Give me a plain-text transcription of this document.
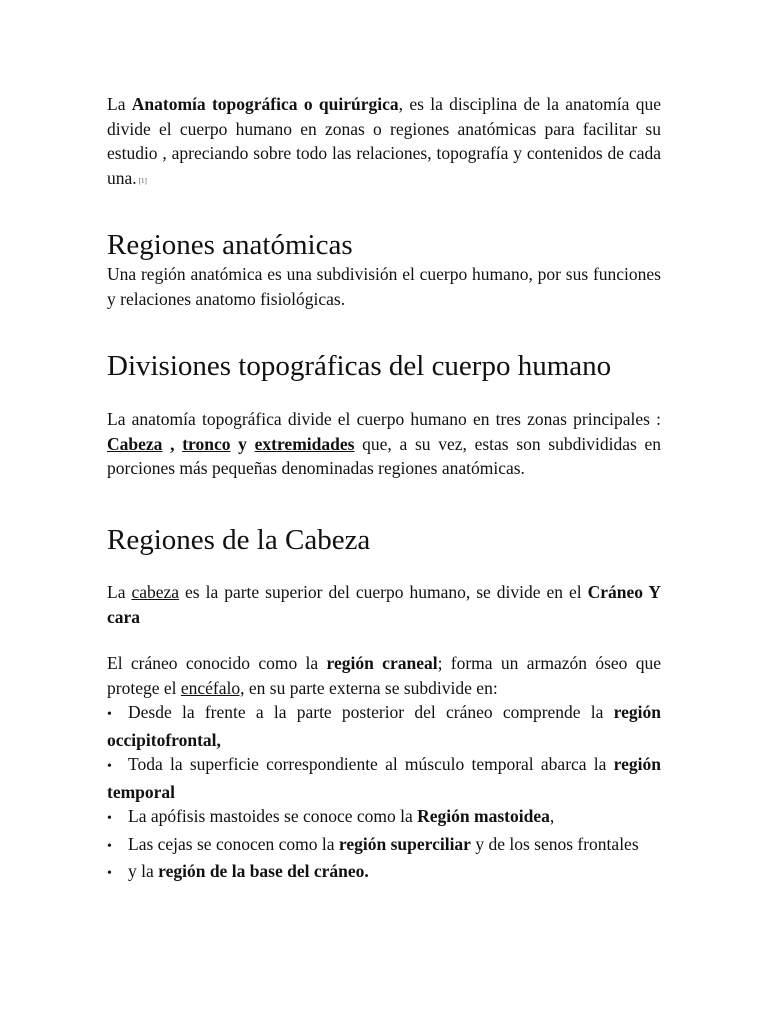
La Anatomía topográfica o quirúrgica, es la disciplina de la anatomía que divide el cuerpo humano en zonas o regiones anatómicas para facilitar su estudio , apreciando sobre todo las relaciones, topografía y contenidos de cada una. [1]

Regiones anatómicas

Una región anatómica es una subdivisión el cuerpo humano, por sus funciones y relaciones anatomo fisiológicas.

Divisiones topográficas del cuerpo humano

La anatomía topográfica divide el cuerpo humano en tres zonas principales : Cabeza , tronco y extremidades que, a su vez, estas son subdivididas en porciones más pequeñas denominadas regiones anatómicas.

Regiones de la Cabeza

La cabeza es la parte superior del cuerpo humano, se divide en el Cráneo Y cara

El cráneo conocido como la región craneal; forma un armazón óseo que protege el encéfalo, en su parte externa se subdivide en:

• Desde la frente a la parte posterior del cráneo comprende la región occipitofrontal,
• Toda la superficie correspondiente al músculo temporal abarca la región temporal
• La apófisis mastoides se conoce como la Región mastoidea,
• Las cejas se conocen como la región superciliar y de los senos frontales
• y la región de la base del cráneo.
